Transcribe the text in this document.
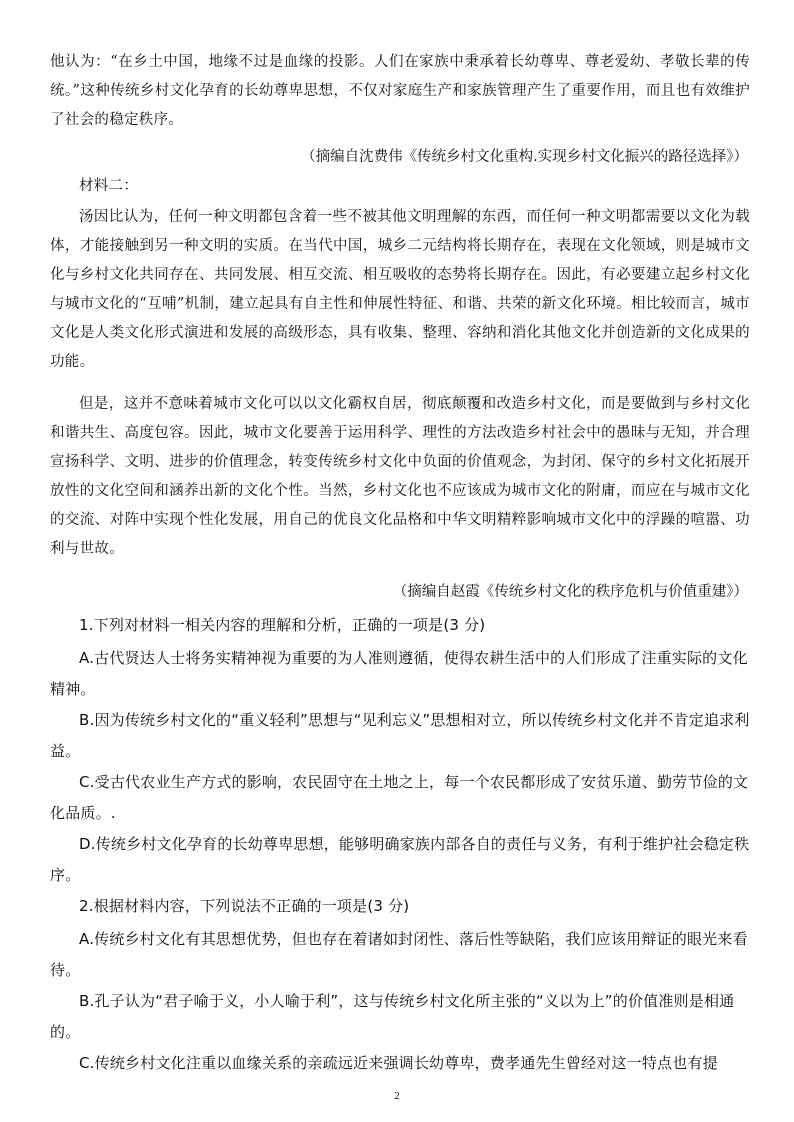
他认为：“在乡土中国，地缘不过是血缘的投影。人们在家族中秉承着长幼尊卑、尊老爱幼、孝敬长辈的传统。”这种传统乡村文化孕育的长幼尊卑思想，不仅对家庭生产和家族管理产生了重要作用，而且也有效维护了社会的稳定秩序。

（摘编自沈费伟《传统乡村文化重构.实现乡村文化振兴的路径选择》）

材料二：

汤因比认为，任何一种文明都包含着一些不被其他文明理解的东西，而任何一种文明都需要以文化为载体，才能接触到另一种文明的实质。在当代中国，城乡二元结构将长期存在，表现在文化领域，则是城市文化与乡村文化共同存在、共同发展、相互交流、相互吸收的态势将长期存在。因此，有必要建立起乡村文化与城市文化的“互哺”机制，建立起具有自主性和伸展性特征、和谐、共荣的新文化环境。相比较而言，城市文化是人类文化形式演进和发展的高级形态，具有收集、整理、容纳和消化其他文化并创造新的文化成果的功能。

但是，这并不意味着城市文化可以以文化霸权自居，彻底颠覆和改造乡村文化，而是要做到与乡村文化和谐共生、高度包容。因此，城市文化要善于运用科学、理性的方法改造乡村社会中的愚昧与无知，并合理宣扬科学、文明、进步的价值理念，转变传统乡村文化中负面的价值观念，为封闭、保守的乡村文化拓展开放性的文化空间和涵养出新的文化个性。当然，乡村文化也不应该成为城市文化的附庸，而应在与城市文化的交流、对阵中实现个性化发展，用自己的优良文化品格和中华文明精粹影响城市文化中的浮躁的喧嚣、功利与世故。

（摘编自赵霞《传统乡村文化的秩序危机与价值重建》）

1.下列对材料一相关内容的理解和分析，正确的一项是(3 分)

A.古代贤达人士将务实精神视为重要的为人准则遵循，使得农耕生活中的人们形成了注重实际的文化精神。

B.因为传统乡村文化的“重义轻利”思想与“见利忘义”思想相对立，所以传统乡村文化并不肯定追求利益。

C.受古代农业生产方式的影响，农民固守在土地之上，每一个农民都形成了安贫乐道、勤劳节俭的文化品质。.

D.传统乡村文化孕育的长幼尊卑思想，能够明确家族内部各自的责任与义务，有利于维护社会稳定秩序。

2.根据材料内容，下列说法不正确的一项是(3 分)

A.传统乡村文化有其思想优势，但也存在着诸如封闭性、落后性等缺陷，我们应该用辩证的眼光来看待。

B.孔子认为“君子喻于义，小人喻于利”，这与传统乡村文化所主张的“义以为上”的价值准则是相通的。

C.传统乡村文化注重以血缘关系的亲疏远近来强调长幼尊卑，费孝通先生曾经对这一特点也有提

2
